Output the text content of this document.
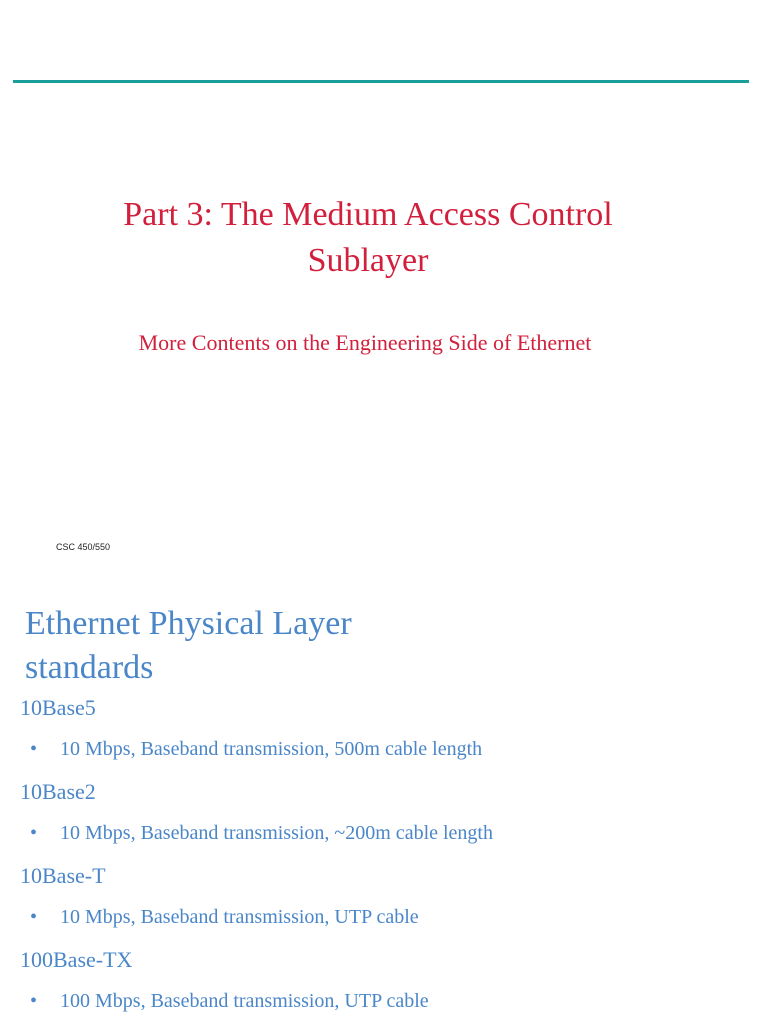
Part 3: The Medium Access Control
Sublayer
More Contents on the Engineering Side of Ethernet
CSC 450/550
Ethernet Physical Layer
standards
10Base5
• 10 Mbps, Baseband transmission, 500m cable length
10Base2
• 10 Mbps, Baseband transmission, ~200m cable length
10Base-T
• 10 Mbps, Baseband transmission, UTP cable
100Base-TX
• 100 Mbps, Baseband transmission, UTP cable
